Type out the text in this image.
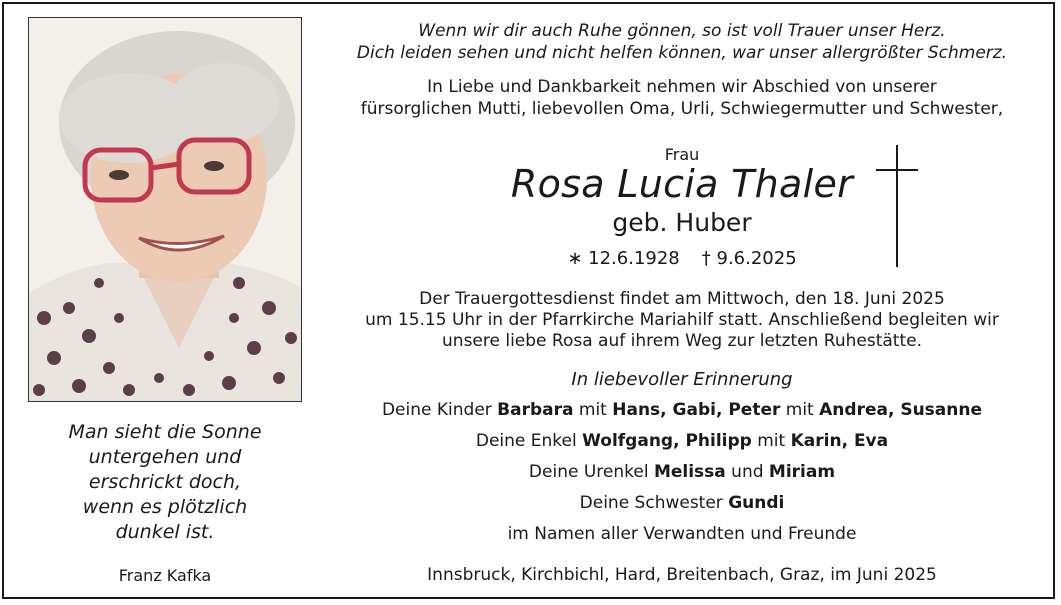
Man sieht die Sonne
untergehen und
erschrickt doch,
wenn es plötzlich
dunkel ist.
Franz Kafka
Wenn wir dir auch Ruhe gönnen, so ist voll Trauer unser Herz.
Dich leiden sehen und nicht helfen können, war unser allergrößter Schmerz.
In Liebe und Dankbarkeit nehmen wir Abschied von unserer
fürsorglichen Mutti, liebevollen Oma, Urli, Schwiegermutter und Schwester,
Frau
Rosa Lucia Thaler
geb. Huber
∗ 12.6.1928 † 9.6.2025
Der Trauergottesdienst findet am Mittwoch, den 18. Juni 2025
um 15.15 Uhr in der Pfarrkirche Mariahilf statt. Anschließend begleiten wir
unsere liebe Rosa auf ihrem Weg zur letzten Ruhestätte.
In liebevoller Erinnerung
Deine Kinder Barbara mit Hans, Gabi, Peter mit Andrea, Susanne
Deine Enkel Wolfgang, Philipp mit Karin, Eva
Deine Urenkel Melissa und Miriam
Deine Schwester Gundi
im Namen aller Verwandten und Freunde
Innsbruck, Kirchbichl, Hard, Breitenbach, Graz, im Juni 2025
